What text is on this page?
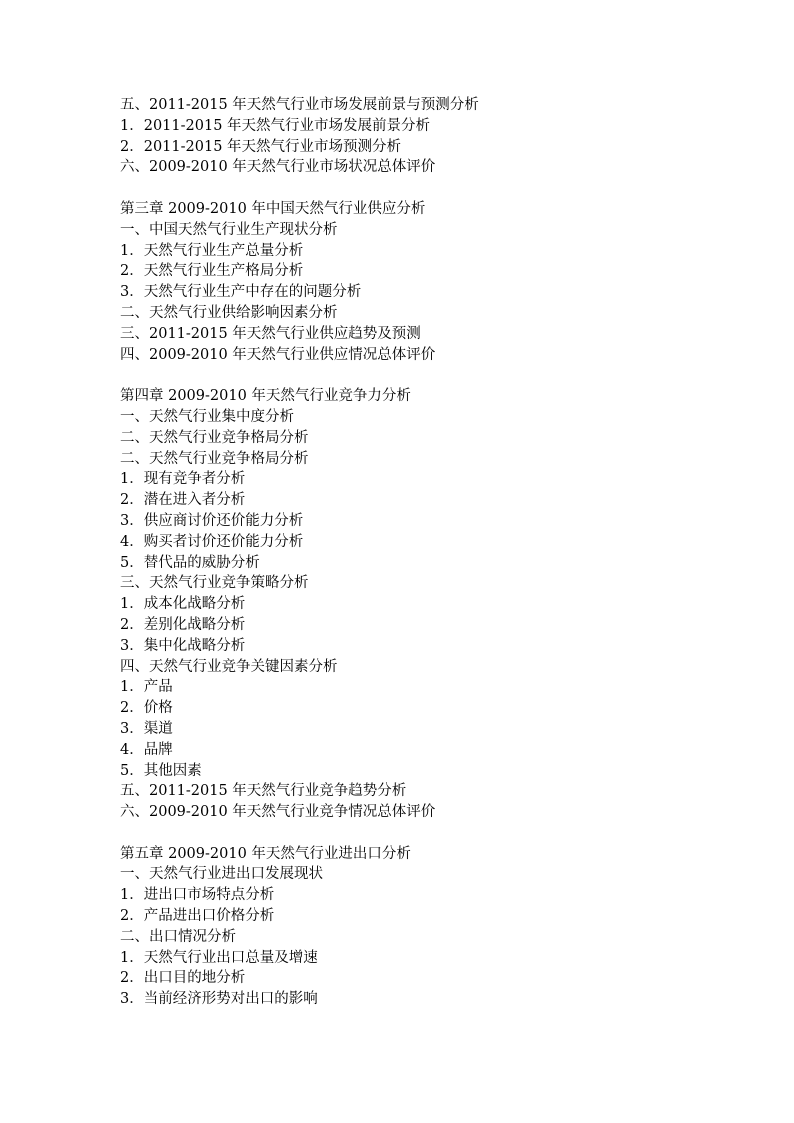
五、2011-2015 年天然气行业市场发展前景与预测分析
1．2011-2015 年天然气行业市场发展前景分析
2．2011-2015 年天然气行业市场预测分析
六、2009-2010 年天然气行业市场状况总体评价
第三章 2009-2010 年中国天然气行业供应分析
一、中国天然气行业生产现状分析
1．天然气行业生产总量分析
2．天然气行业生产格局分析
3．天然气行业生产中存在的问题分析
二、天然气行业供给影响因素分析
三、2011-2015 年天然气行业供应趋势及预测
四、2009-2010 年天然气行业供应情况总体评价
第四章 2009-2010 年天然气行业竞争力分析
一、天然气行业集中度分析
二、天然气行业竞争格局分析
二、天然气行业竞争格局分析
1．现有竞争者分析
2．潜在进入者分析
3．供应商讨价还价能力分析
4．购买者讨价还价能力分析
5．替代品的威胁分析
三、天然气行业竞争策略分析
1．成本化战略分析
2．差别化战略分析
3．集中化战略分析
四、天然气行业竞争关键因素分析
1．产品
2．价格
3．渠道
4．品牌
5．其他因素
五、2011-2015 年天然气行业竞争趋势分析
六、2009-2010 年天然气行业竞争情况总体评价
第五章 2009-2010 年天然气行业进出口分析
一、天然气行业进出口发展现状
1．进出口市场特点分析
2．产品进出口价格分析
二、出口情况分析
1．天然气行业出口总量及增速
2．出口目的地分析
3．当前经济形势对出口的影响
